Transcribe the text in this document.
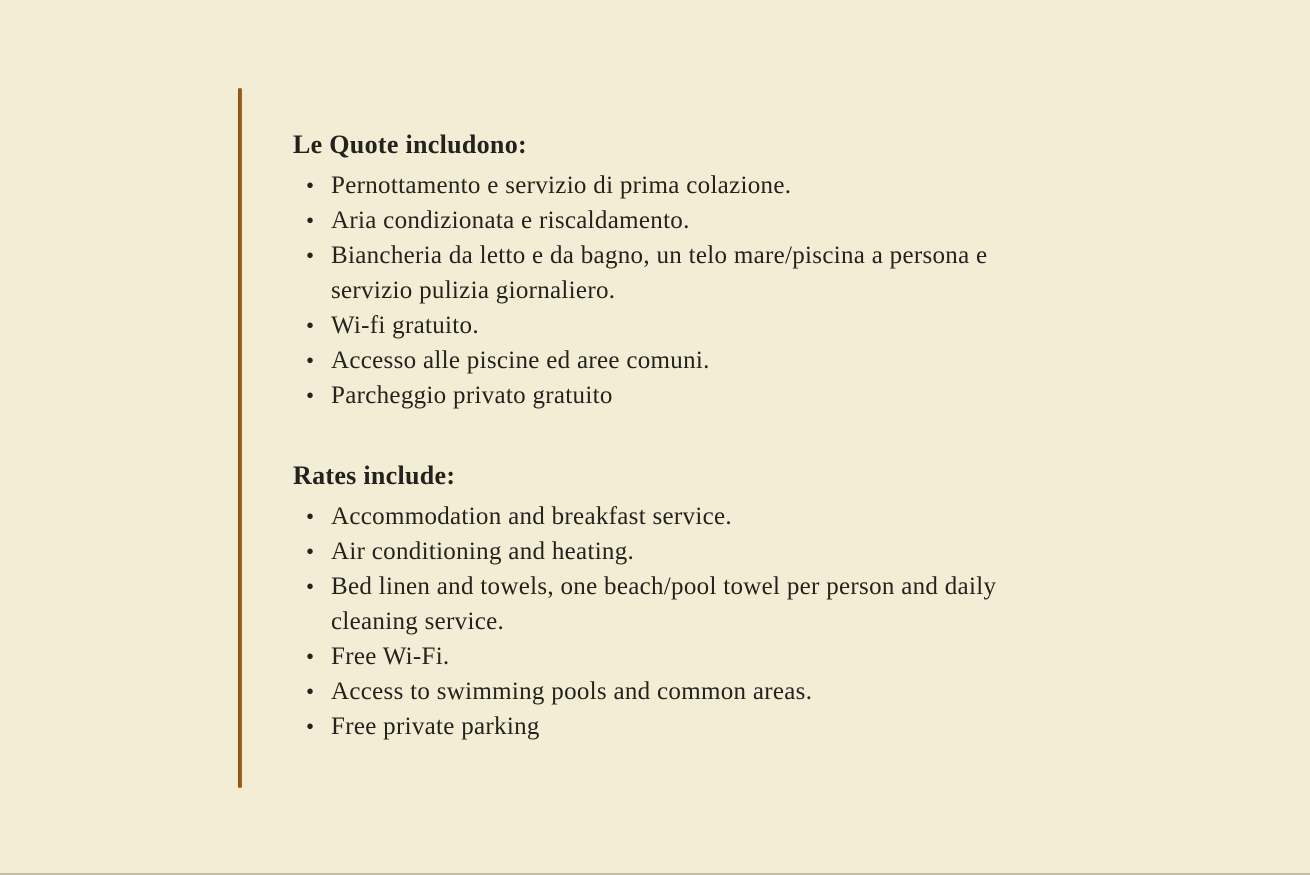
Le Quote includono:
• Pernottamento e servizio di prima colazione.
• Aria condizionata e riscaldamento.
• Biancheria da letto e da bagno, un telo mare/piscina a persona e servizio pulizia giornaliero.
• Wi-fi gratuito.
• Accesso alle piscine ed aree comuni.
• Parcheggio privato gratuito
Rates include:
• Accommodation and breakfast service.
• Air conditioning and heating.
• Bed linen and towels, one beach/pool towel per person and daily cleaning service.
• Free Wi-Fi.
• Access to swimming pools and common areas.
• Free private parking
